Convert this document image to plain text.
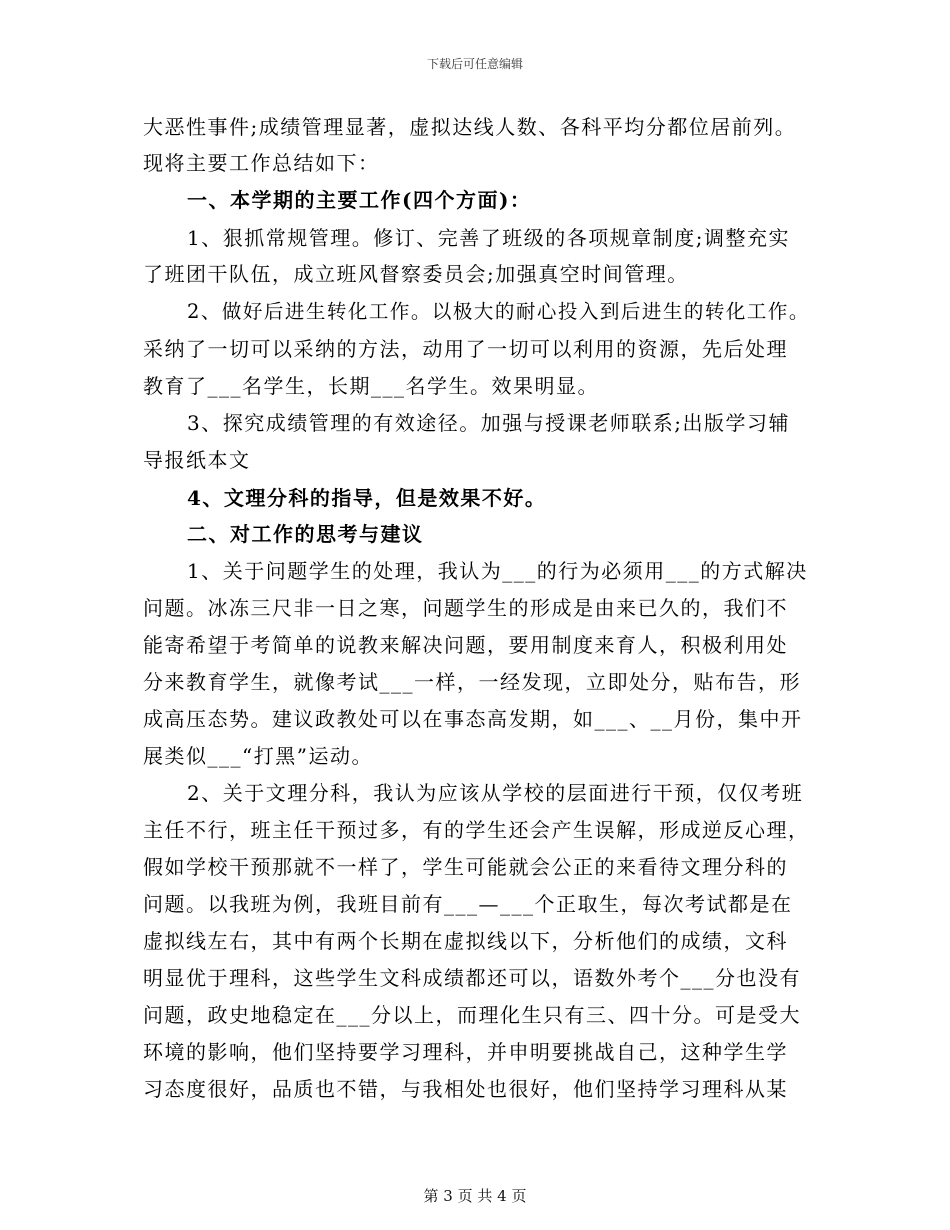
下载后可任意编辑
大恶性事件;成绩管理显著，虚拟达线人数、各科平均分都位居前列。
现将主要工作总结如下：
一、本学期的主要工作(四个方面)：
1、狠抓常规管理。修订、完善了班级的各项规章制度;调整充实
了班团干队伍，成立班风督察委员会;加强真空时间管理。
2、做好后进生转化工作。以极大的耐心投入到后进生的转化工作。
采纳了一切可以采纳的方法，动用了一切可以利用的资源，先后处理
教育了___名学生，长期___名学生。效果明显。
3、探究成绩管理的有效途径。加强与授课老师联系;出版学习辅
导报纸本文
4、文理分科的指导，但是效果不好。
二、对工作的思考与建议
1、关于问题学生的处理，我认为___的行为必须用___的方式解决
问题。冰冻三尺非一日之寒，问题学生的形成是由来已久的，我们不
能寄希望于考简单的说教来解决问题，要用制度来育人，积极利用处
分来教育学生，就像考试___一样，一经发现，立即处分，贴布告，形
成高压态势。建议政教处可以在事态高发期，如___、__月份，集中开
展类似___“打黑”运动。
2、关于文理分科，我认为应该从学校的层面进行干预，仅仅考班
主任不行，班主任干预过多，有的学生还会产生误解，形成逆反心理，
假如学校干预那就不一样了，学生可能就会公正的来看待文理分科的
问题。以我班为例，我班目前有___—___个正取生，每次考试都是在
虚拟线左右，其中有两个长期在虚拟线以下，分析他们的成绩，文科
明显优于理科，这些学生文科成绩都还可以，语数外考个___分也没有
问题，政史地稳定在___分以上，而理化生只有三、四十分。可是受大
环境的影响，他们坚持要学习理科，并申明要挑战自己，这种学生学
习态度很好，品质也不错，与我相处也很好，他们坚持学习理科从某
第 3 页 共 4 页
